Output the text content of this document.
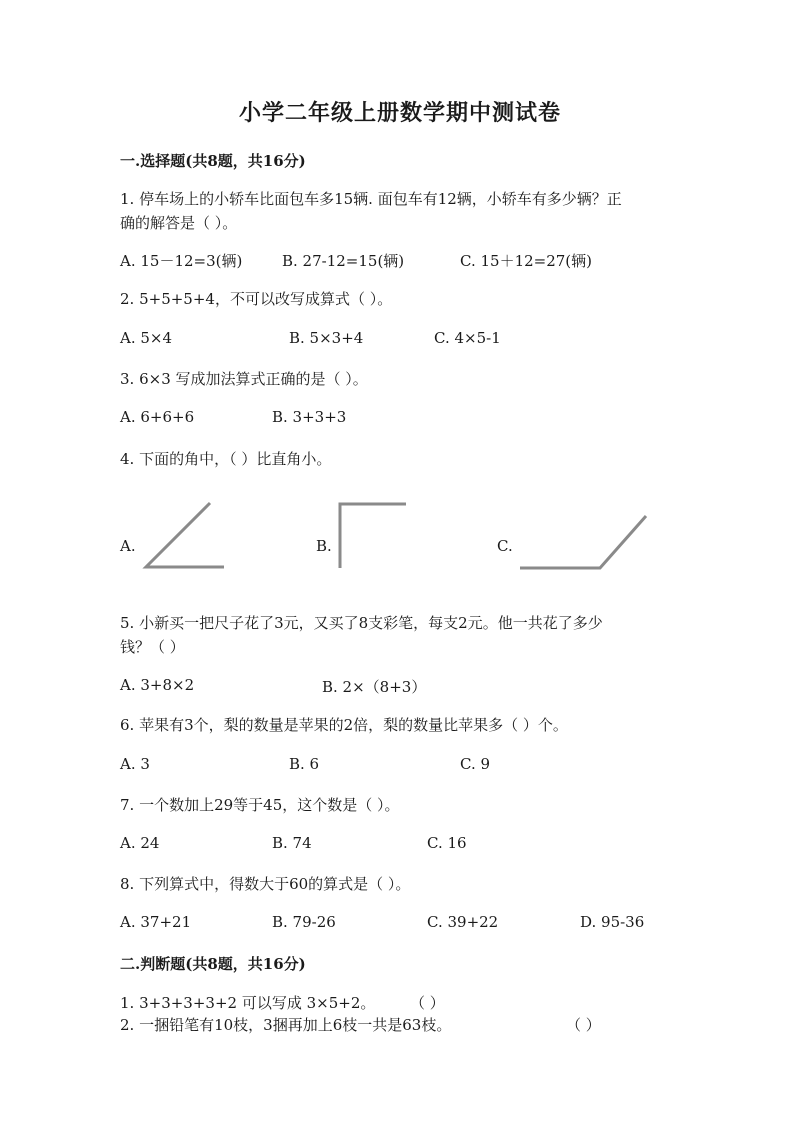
小学二年级上册数学期中测试卷
一.选择题(共8题，共16分)
1. 停车场上的小轿车比面包车多15辆. 面包车有12辆，小轿车有多少辆？正
确的解答是（ ）。
A. 15－12=3(辆)	B. 27-12=15(辆)	C. 15＋12=27(辆)
2. 5+5+5+4，不可以改写成算式（ ）。
A. 5×4	B. 5×3+4	C. 4×5-1
3. 6×3 写成加法算式正确的是（ ）。
A. 6+6+6	B. 3+3+3
4. 下面的角中，（ ）比直角小。
A.	B.	C.
5. 小新买一把尺子花了3元，又买了8支彩笔，每支2元。他一共花了多少
钱？（ ）
A. 3+8×2	B. 2×（8+3）
6. 苹果有3个，梨的数量是苹果的2倍，梨的数量比苹果多（ ）个。
A. 3	B. 6	C. 9
7. 一个数加上29等于45，这个数是（ ）。
A. 24	B. 74	C. 16
8. 下列算式中，得数大于60的算式是（ ）。
A. 37+21	B. 79-26	C. 39+22	D. 95-36
二.判断题(共8题，共16分)
1. 3+3+3+3+2 可以写成 3×5+2。 （ ）
2. 一捆铅笔有10枝，3捆再加上6枝一共是63枝。	（ ）
